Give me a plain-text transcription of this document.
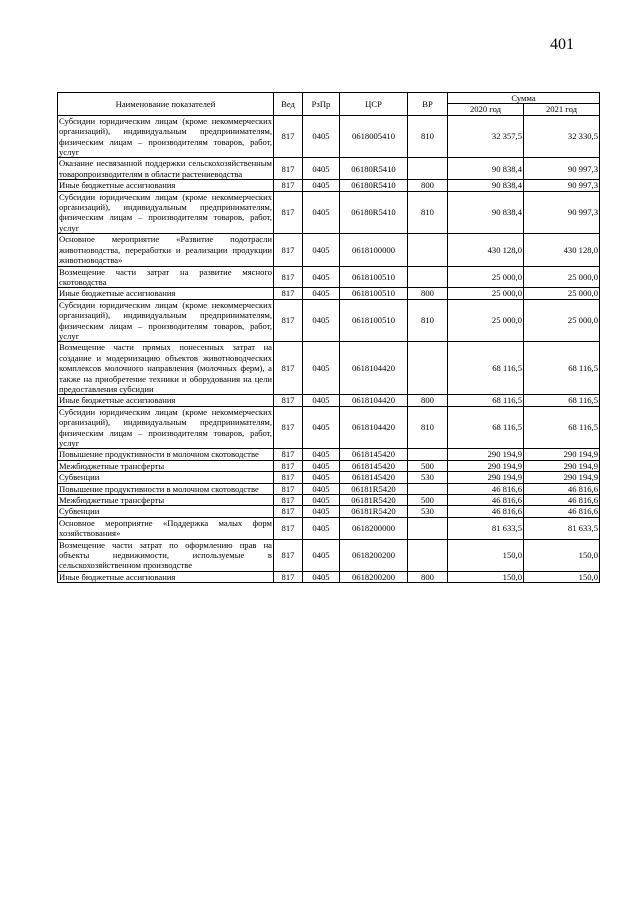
401
Наименование показателей	Вед	РзПр	ЦСР	ВР	Сумма	
					2020 год	2021 год
Субсидии юридическим лицам (кроме некоммерческих организаций), индивидуальным предпринимателям, физическим лицам – производителям товаров, работ, услуг	817	0405	0618005410	810	32 357,5	32 330,5
Оказание несвязанной поддержки сельскохозяйственным товаропроизводителям в области растениеводства	817	0405	06180R5410		90 838,4	90 997,3
Иные бюджетные ассигнования	817	0405	06180R5410	800	90 838,4	90 997,3
Субсидии юридическим лицам (кроме некоммерческих организаций), индивидуальным предпринимателям, физическим лицам – производителям товаров, работ, услуг	817	0405	06180R5410	810	90 838,4	90 997,3
Основное мероприятие «Развитие подотрасли животноводства, переработки и реализации продукции животноводства»	817	0405	0618100000		430 128,0	430 128,0
Возмещение части затрат на развитие мясного скотоводства	817	0405	0618100510		25 000,0	25 000,0
Иные бюджетные ассигнования	817	0405	0618100510	800	25 000,0	25 000,0
Субсидии юридическим лицам (кроме некоммерческих организаций), индивидуальным предпринимателям, физическим лицам – производителям товаров, работ, услуг	817	0405	0618100510	810	25 000,0	25 000,0
Возмещение части прямых понесенных затрат на создание и модернизацию объектов животноводческих комплексов молочного направления (молочных ферм), а также на приобретение техники и оборудования на цели предоставления субсидии	817	0405	0618104420		68 116,5	68 116,5
Иные бюджетные ассигнования	817	0405	0618104420	800	68 116,5	68 116,5
Субсидии юридическим лицам (кроме некоммерческих организаций), индивидуальным предпринимателям, физическим лицам – производителям товаров, работ, услуг	817	0405	0618104420	810	68 116,5	68 116,5
Повышение продуктивности в молочном скотоводстве	817	0405	0618145420		290 194,9	290 194,9
Межбюджетные трансферты	817	0405	0618145420	500	290 194,9	290 194,9
Субвенции	817	0405	0618145420	530	290 194,9	290 194,9
Повышение продуктивности в молочном скотоводстве	817	0405	06181R5420		46 816,6	46 816,6
Межбюджетные трансферты	817	0405	06181R5420	500	46 816,6	46 816,6
Субвенции	817	0405	06181R5420	530	46 816,6	46 816,6
Основное мероприятие «Поддержка малых форм хозяйствования»	817	0405	0618200000		81 633,5	81 633,5
Возмещение части затрат по оформлению прав на объекты недвижимости, используемые в сельскохозяйственном производстве	817	0405	0618200200		150,0	150,0
Иные бюджетные ассигнования	817	0405	0618200200	800	150,0	150,0
